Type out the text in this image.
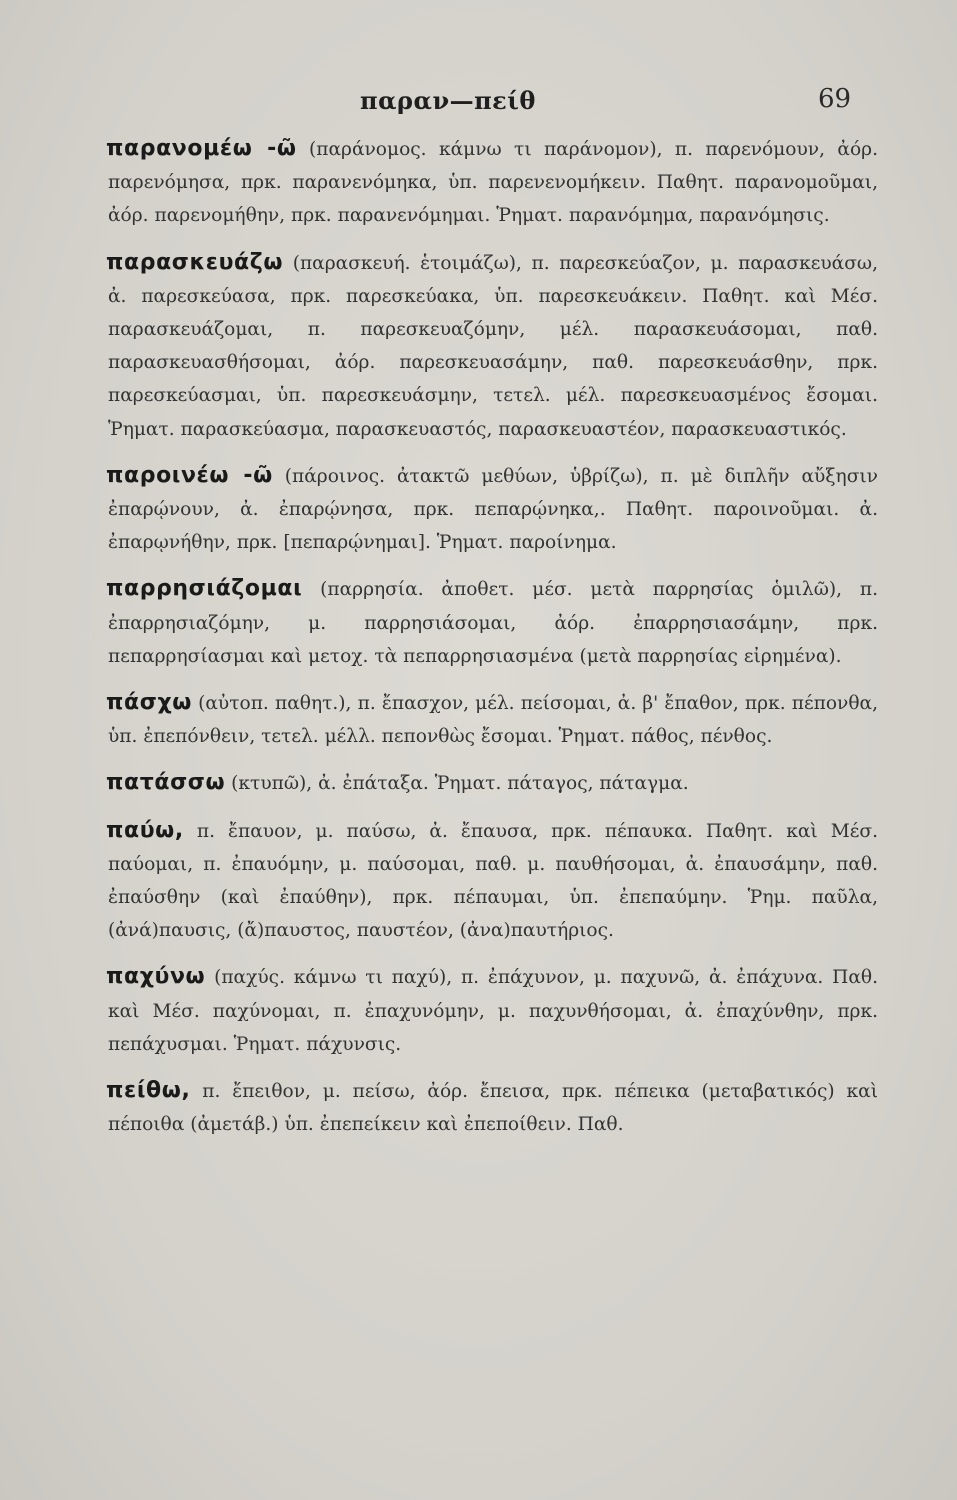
παραν—πείθ	69

παρανομέω -ῶ (παράνομος. κάμνω τι παράνομον), π. παρενόμουν, ἀόρ. παρενόμησα, πρκ. παρανενόμηκα, ὑπ. παρενενομήκειν. Παθητ. παρανομοῦμαι, ἀόρ. παρενομήθην, πρκ. παρανενόμημαι. Ῥηματ. παρανόμημα, παρανόμησις.

παρασκευάζω (παρασκευή. ἑτοιμάζω), π. παρεσκεύαζον, μ. παρασκευάσω, ἀ. παρεσκεύασα, πρκ. παρεσκεύακα, ὑπ. παρεσκευάκειν. Παθητ. καὶ Μέσ. παρασκευάζομαι, π. παρεσκευαζόμην, μέλ. παρασκευάσομαι, παθ. παρασκευασθήσομαι, ἀόρ. παρεσκευασάμην, παθ. παρεσκευάσθην, πρκ. παρεσκεύασμαι, ὑπ. παρεσκευάσμην, τετελ. μέλ. παρεσκευασμένος ἔσομαι. Ῥηματ. παρασκεύασμα, παρασκευαστός, παρασκευαστέον, παρασκευαστικός.

παροινέω -ῶ (πάροινος. ἀτακτῶ μεθύων, ὑβρίζω), π. μὲ διπλῆν αὔξησιν ἐπαρῴνουν, ἀ. ἐπαρῴνησα, πρκ. πεπαρῴνηκα,. Παθητ. παροινοῦμαι. ἀ. ἐπαρῳνήθην, πρκ. [πεπαρῴνημαι]. Ῥηματ. παροίνημα.

παρρησιάζομαι (παρρησία. ἀποθετ. μέσ. μετὰ παρρησίας ὁμιλῶ), π. ἐπαρρησιαζόμην, μ. παρρησιάσομαι, ἀόρ. ἐπαρρησιασάμην, πρκ. πεπαρρησίασμαι καὶ μετοχ. τὰ πεπαρρησιασμένα (μετὰ παρρησίας εἰρημένα).

πάσχω (αὐτοπ. παθητ.), π. ἔπασχον, μέλ. πείσομαι, ἀ. β' ἔπαθον, πρκ. πέπονθα, ὑπ. ἐπεπόνθειν, τετελ. μέλλ. πεπονθὼς ἔσομαι. Ῥηματ. πάθος, πένθος.

πατάσσω (κτυπῶ), ἀ. ἐπάταξα. Ῥηματ. πάταγος, πάταγμα.

παύω, π. ἔπαυον, μ. παύσω, ἀ. ἔπαυσα, πρκ. πέπαυκα. Παθητ. καὶ Μέσ. παύομαι, π. ἐπαυόμην, μ. παύσομαι, παθ. μ. παυθήσομαι, ἀ. ἐπαυσάμην, παθ. ἐπαύσθην (καὶ ἐπαύθην), πρκ. πέπαυμαι, ὑπ. ἐπεπαύμην. Ῥημ. παῦλα, (ἀνά)παυσις, (ἄ)παυστος, παυστέον, (ἀνα)παυτήριος.

παχύνω (παχύς. κάμνω τι παχύ), π. ἐπάχυνον, μ. παχυνῶ, ἀ. ἐπάχυνα. Παθ. καὶ Μέσ. παχύνομαι, π. ἐπαχυνόμην, μ. παχυνθήσομαι, ἀ. ἐπαχύνθην, πρκ. πεπάχυσμαι. Ῥηματ. πάχυνσις.

πείθω, π. ἔπειθον, μ. πείσω, ἀόρ. ἔπεισα, πρκ. πέπεικα (μεταβατικός) καὶ πέποιθα (ἀμετάβ.) ὑπ. ἐπεπείκειν καὶ ἐπεποίθειν. Παθ.
